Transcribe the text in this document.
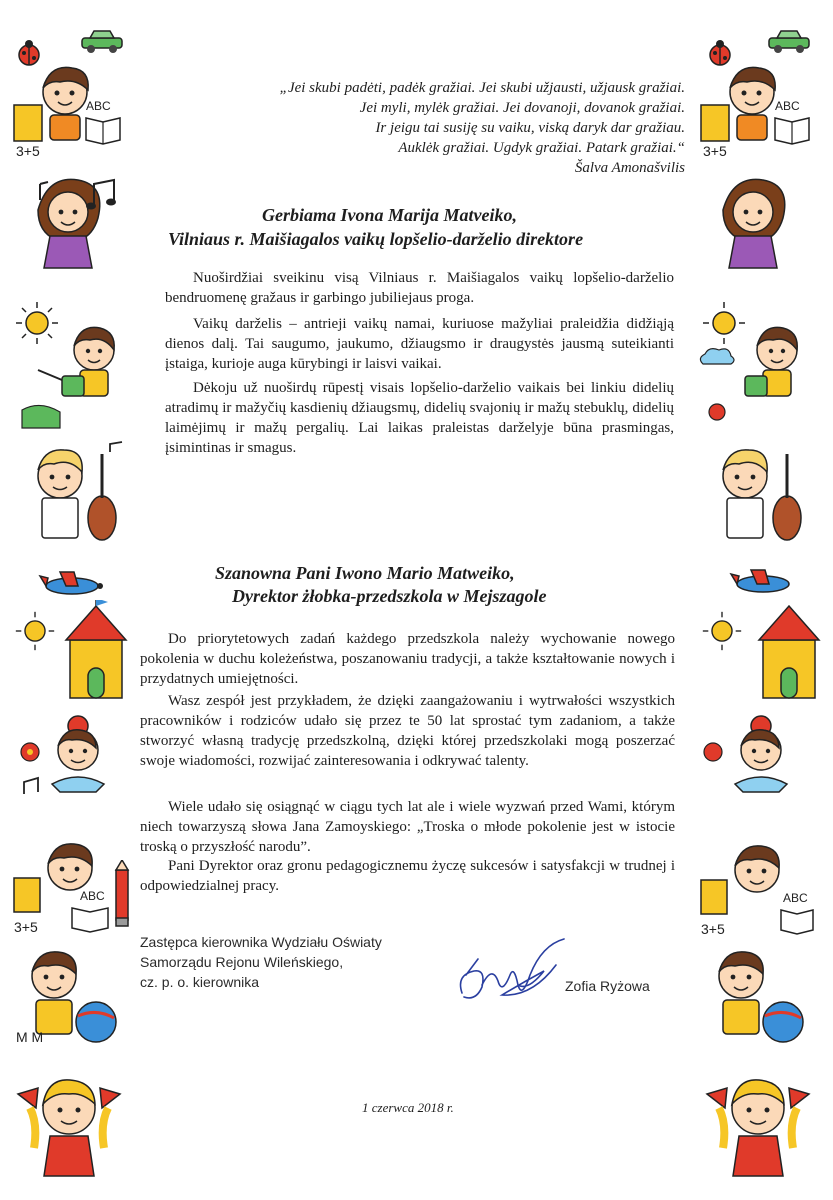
3+5
ABC
3+5
ABC
M M
3+5
ABC
3+5
ABC
„Jei skubi padėti, padėk gražiai. Jei skubi užjausti, užjausk gražiai.
Jei myli, mylėk gražiai. Jei dovanoji, dovanok gražiai.
Ir jeigu tai susiję su vaiku, viską daryk dar gražiau.
Auklėk gražiai. Ugdyk gražiai. Patark gražiai.“
Šalva Amonašvilis
Gerbiama Ivona Marija Matveiko,
Vilniaus r. Maišiagalos vaikų lopšelio-darželio direktore

Nuoširdžiai sveikinu visą Vilniaus r. Maišiagalos vaikų lopšelio-darželio bendruomenę gražaus ir garbingo jubiliejaus proga.

Vaikų darželis – antrieji vaikų namai, kuriuose mažyliai praleidžia didžiąją dienos dalį. Tai saugumo, jaukumo, džiaugsmo ir draugystės jausmą suteikianti įstaiga, kurioje auga kūrybingi ir laisvi vaikai.

Dėkoju už nuoširdų rūpestį visais lopšelio-darželio vaikais bei linkiu didelių atradimų ir mažyčių kasdienių džiaugsmų, didelių svajonių ir mažų stebuklų, didelių laimėjimų ir mažų pergalių. Lai laikas praleistas darželyje būna prasmingas, įsimintinas ir smagus.

Szanowna Pani Iwono Mario Matweiko,
Dyrektor żłobka-przedszkola w Mejszagole

Do priorytetowych zadań każdego przedszkola należy wychowanie nowego pokolenia w duchu koleżeństwa, poszanowaniu tradycji, a także kształtowanie nowych i przydatnych umiejętności.

Wasz zespół jest przykładem, że dzięki zaangażowaniu i wytrwałości wszystkich pracowników i rodziców udało się przez te 50 lat sprostać tym zadaniom, a także stworzyć własną tradycję przedszkolną, dzięki której przedszkolaki mogą poszerzać swoje wiadomości, rozwijać zainteresowania i odkrywać talenty.

Wiele udało się osiągnąć w ciągu tych lat ale i wiele wyzwań przed Wami, którym niech towarzyszą słowa Jana Zamoyskiego: „Troska o młode pokolenie jest w istocie troską o przyszłość narodu”.

Pani Dyrektor oraz gronu pedagogicznemu życzę sukcesów i satysfakcji w trudnej i odpowiedzialnej pracy.

Zastępca kierownika Wydziału Oświaty
Samorządu Rejonu Wileńskiego,
cz. p. o. kierownika	Zofia Ryżowa
1 czerwca 2018 r.
